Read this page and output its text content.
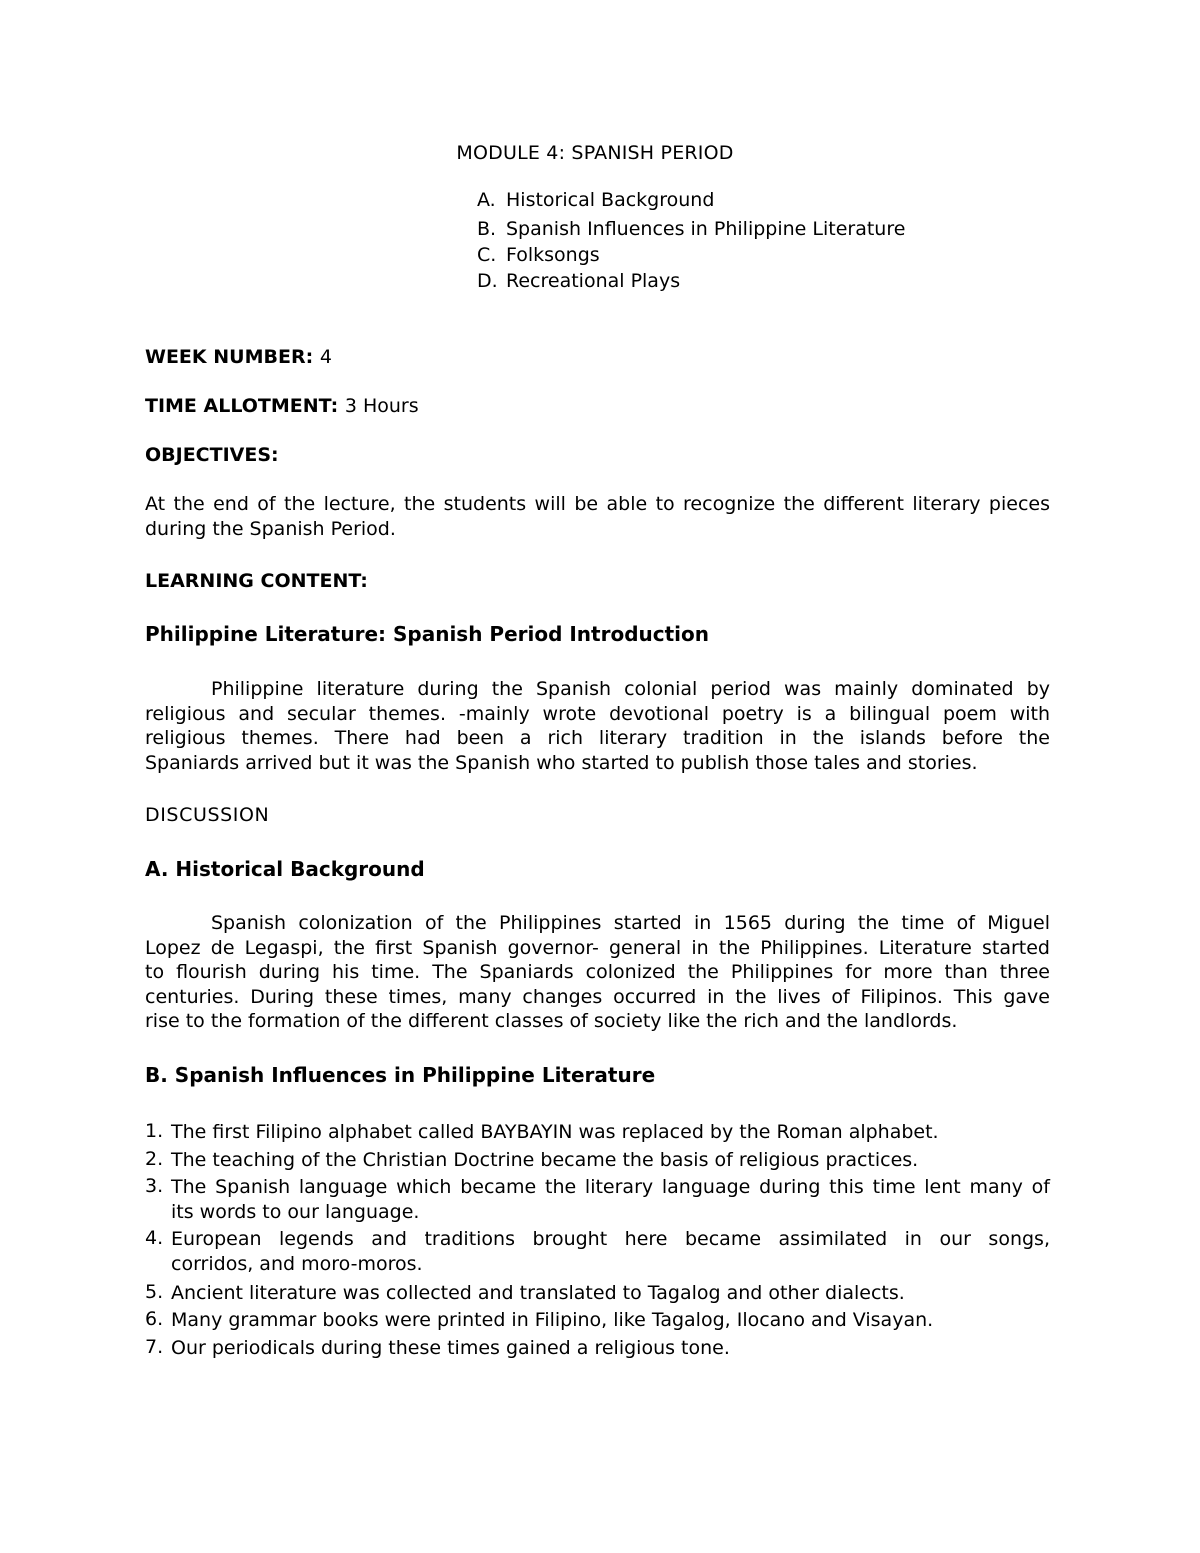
MODULE 4: SPANISH PERIOD
A. Historical Background
B. Spanish Influences in Philippine Literature
C. Folksongs
D. Recreational Plays
WEEK NUMBER: 4
TIME ALLOTMENT: 3 Hours
OBJECTIVES:
At the end of the lecture, the students will be able to recognize the different literary pieces
during the Spanish Period.
LEARNING CONTENT:
Philippine Literature: Spanish Period Introduction
Philippine literature during the Spanish colonial period was mainly dominated by
religious and secular themes. -mainly wrote devotional poetry is a bilingual poem with
religious themes. There had been a rich literary tradition in the islands before the
Spaniards arrived but it was the Spanish who started to publish those tales and stories.
DISCUSSION
A. Historical Background
Spanish colonization of the Philippines started in 1565 during the time of Miguel
Lopez de Legaspi, the first Spanish governor- general in the Philippines. Literature started
to flourish during his time. The Spaniards colonized the Philippines for more than three
centuries. During these times, many changes occurred in the lives of Filipinos. This gave
rise to the formation of the different classes of society like the rich and the landlords.
B. Spanish Influences in Philippine Literature
1. The first Filipino alphabet called BAYBAYIN was replaced by the Roman alphabet.
2. The teaching of the Christian Doctrine became the basis of religious practices.
3. The Spanish language which became the literary language during this time lent many of
its words to our language.
4. European legends and traditions brought here became assimilated in our songs,
corridos, and moro-moros.
5. Ancient literature was collected and translated to Tagalog and other dialects.
6. Many grammar books were printed in Filipino, like Tagalog, Ilocano and Visayan.
7. Our periodicals during these times gained a religious tone.
